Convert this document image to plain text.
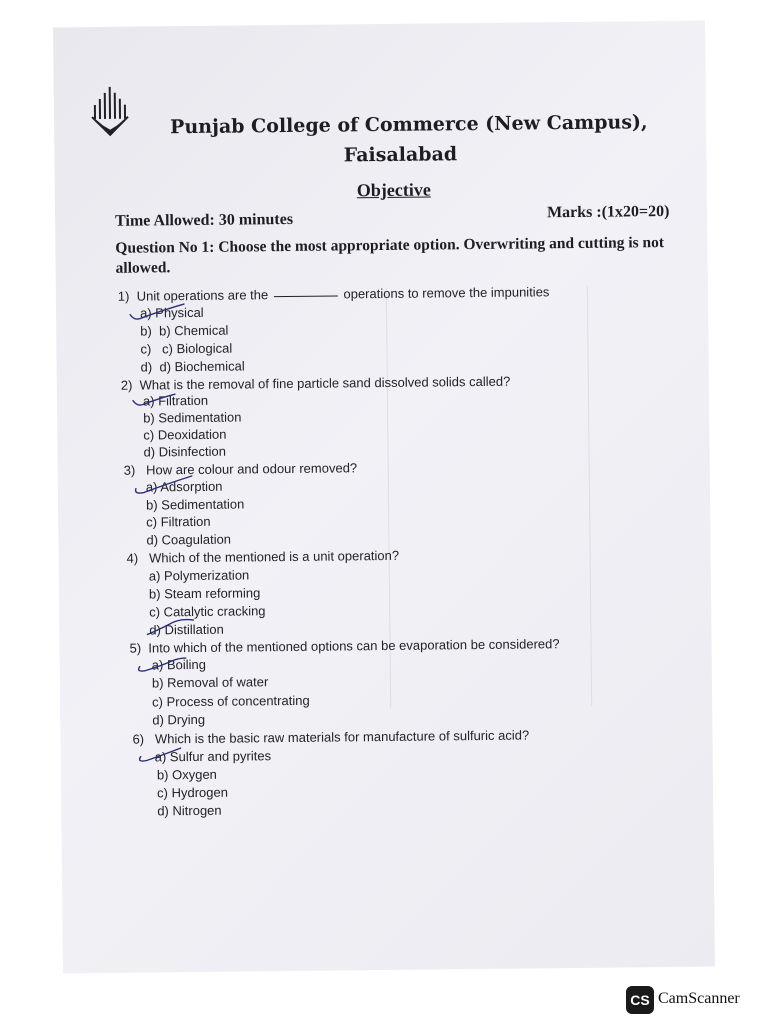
Punjab College of Commerce (New Campus),
Faisalabad
Objective
Time Allowed: 30 minutes	Marks :(1x20=20)
Question No 1: Choose the most appropriate option. Overwriting and cutting is not allowed.
1) Unit operations are the	operations to remove the impunities
a) Physical
b) b) Chemical
c) c) Biological
d) d) Biochemical
2) What is the removal of fine particle sand dissolved solids called?
a) Filtration
b) Sedimentation
c) Deoxidation
d) Disinfection
3) How are colour and odour removed?
a) Adsorption
b) Sedimentation
c) Filtration
d) Coagulation
4) Which of the mentioned is a unit operation?
a) Polymerization
b) Steam reforming
c) Catalytic cracking
d) Distillation
5) Into which of the mentioned options can be evaporation be considered?
a) Boiling
b) Removal of water
c) Process of concentrating
d) Drying
6) Which is the basic raw materials for manufacture of sulfuric acid?
a) Sulfur and pyrites
b) Oxygen
c) Hydrogen
d) Nitrogen
CS CamScanner
